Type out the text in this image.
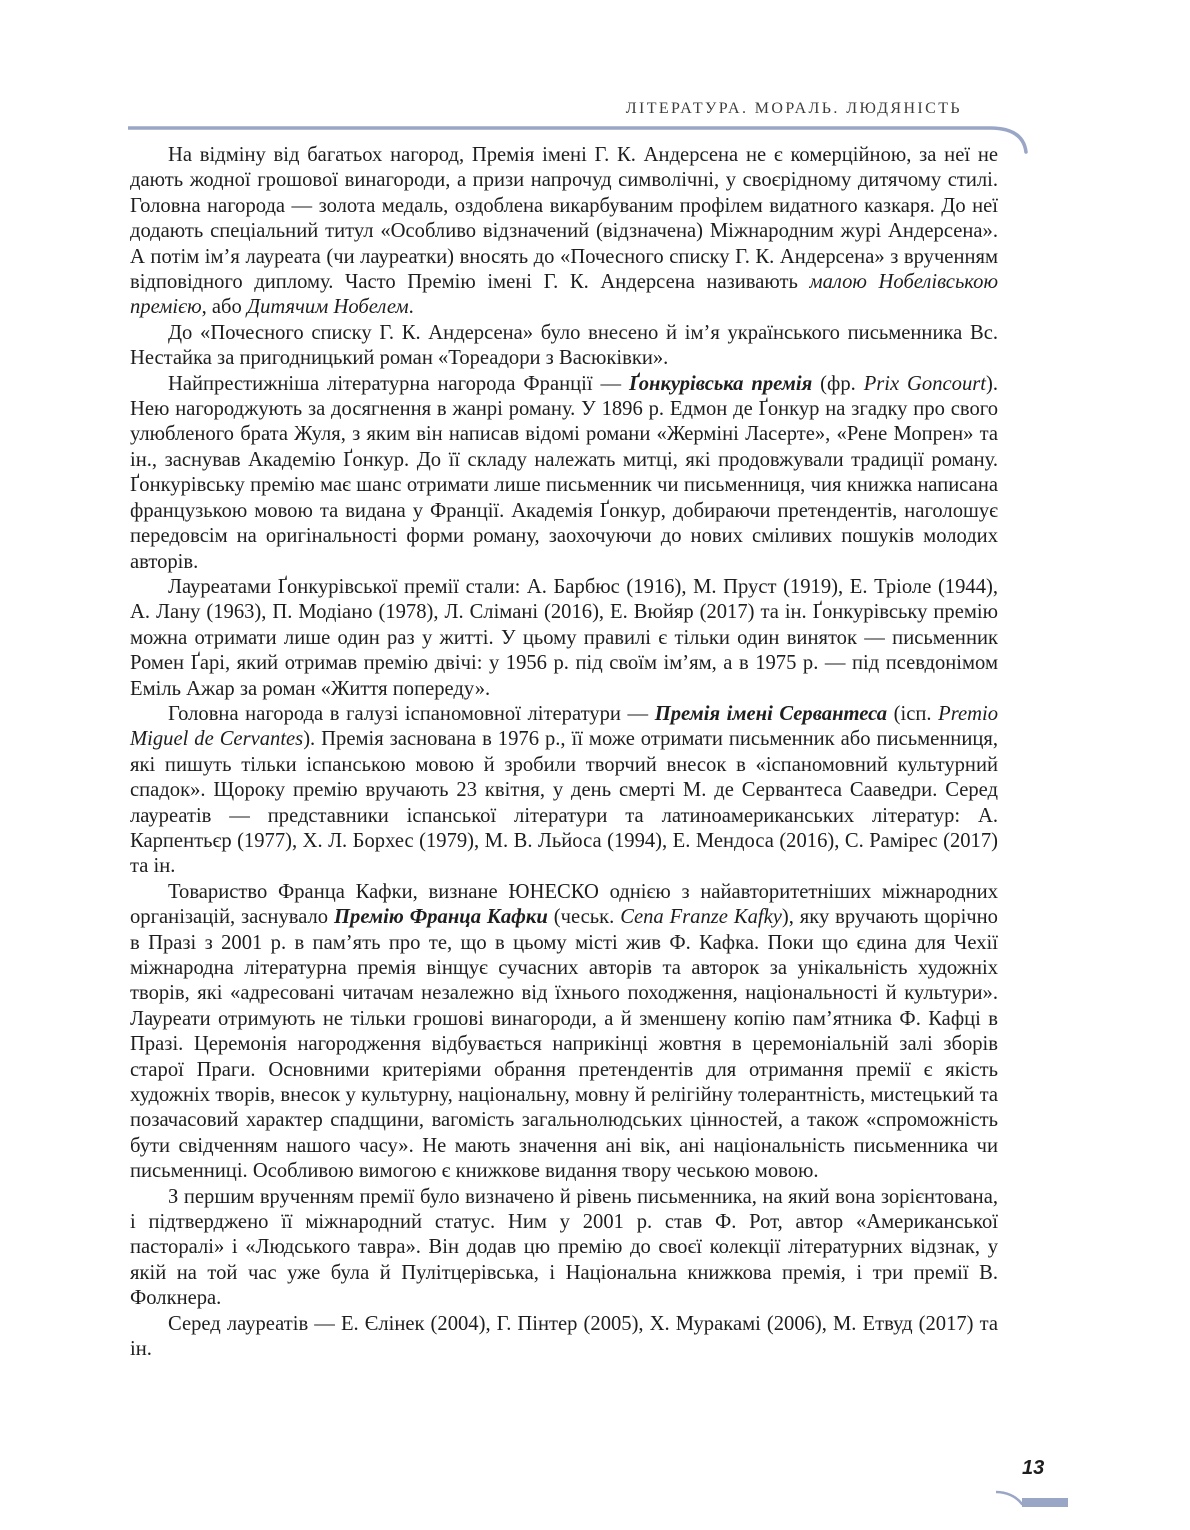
ЛІТЕРАТУРА. МОРАЛЬ. ЛЮДЯНІСТЬ

На відміну від багатьох нагород, Премія імені Г. К. Андерсена не є комерційною, за неї не дають жодної грошової винагороди, а призи напрочуд символічні, у своєрідному дитячому стилі. Головна нагорода — золота медаль, оздоблена викарбуваним профілем видатного казкаря. До неї додають спеціальний титул «Особливо відзначений (відзначена) Міжнародним журі Андерсена». А потім ім’я лауреата (чи лауреатки) вносять до «Почесного списку Г. К. Андерсена» з врученням відповідного диплому. Часто Премію імені Г. К. Андерсена називають малою Нобелівською премією, або Дитячим Нобелем.

До «Почесного списку Г. К. Андерсена» було внесено й ім’я українського письменника Вс. Нестайка за пригодницький роман «Тореадори з Васюківки».

Найпрестижніша літературна нагорода Франції — Ґонкурівська премія (фр. Prix Goncourt). Нею нагороджують за досягнення в жанрі роману. У 1896 р. Едмон де Ґонкур на згадку про свого улюбленого брата Жуля, з яким він написав відомі романи «Жерміні Ласерте», «Рене Мопрен» та ін., заснував Академію Ґонкур. До її складу належать митці, які продовжували традиції роману. Ґонкурівську премію має шанс отримати лише письменник чи письменниця, чия книжка написана французькою мовою та видана у Франції. Академія Ґонкур, добираючи претендентів, наголошує передовсім на оригінальності форми роману, заохочуючи до нових сміливих пошуків молодих авторів.

Лауреатами Ґонкурівської премії стали: А. Барбюс (1916), М. Пруст (1919), Е. Тріоле (1944), А. Лану (1963), П. Модіано (1978), Л. Слімані (2016), Е. Вюйяр (2017) та ін. Ґонкурівську премію можна отримати лише один раз у житті. У цьому правилі є тільки один виняток — письменник Ромен Ґарі, який отримав премію двічі: у 1956 р. під своїм ім’ям, а в 1975 р. — під псевдонімом Еміль Ажар за роман «Життя попереду».

Головна нагорода в галузі іспаномовної літератури — Премія імені Сервантеса (ісп. Premio Miguel de Cervantes). Премія заснована в 1976 р., її може отримати письменник або письменниця, які пишуть тільки іспанською мовою й зробили творчий внесок в «іспаномовний культурний спадок». Щороку премію вручають 23 квітня, у день смерті М. де Сервантеса Сааведри. Серед лауреатів — представники іспанської літератури та латиноамериканських літератур: А. Карпентьєр (1977), Х. Л. Борхес (1979), М. В. Льйоса (1994), Е. Мендоса (2016), С. Рамірес (2017) та ін.

Товариство Франца Кафки, визнане ЮНЕСКО однією з найавторитетніших міжнародних організацій, заснувало Премію Франца Кафки (чеськ. Cena Franze Kafky), яку вручають щорічно в Празі з 2001 р. в пам’ять про те, що в цьому місті жив Ф. Кафка. Поки що єдина для Чехії міжнародна літературна премія вінщує сучасних авторів та авторок за унікальність художніх творів, які «адресовані читачам незалежно від їхнього походження, національності й культури». Лауреати отримують не тільки грошові винагороди, а й зменшену копію пам’ятника Ф. Кафці в Празі. Церемонія нагородження відбувається наприкінці жовтня в церемоніальній залі зборів старої Праги. Основними критеріями обрання претендентів для отримання премії є якість художніх творів, внесок у культурну, національну, мовну й релігійну толерантність, мистецький та позачасовий характер спадщини, вагомість загальнолюдських цінностей, а також «спроможність бути свідченням нашого часу». Не мають значення ані вік, ані національність письменника чи письменниці. Особливою вимогою є книжкове видання твору чеською мовою.

З першим врученням премії було визначено й рівень письменника, на який вона зорієнтована, і підтверджено її міжнародний статус. Ним у 2001 р. став Ф. Рот, автор «Американської пасторалі» і «Людського тавра». Він додав цю премію до своєї колекції літературних відзнак, у якій на той час уже була й Пулітцерівська, і Національна книжкова премія, і три премії В. Фолкнера.

Серед лауреатів — Е. Єлінек (2004), Г. Пінтер (2005), Х. Муракамі (2006), М. Етвуд (2017) та ін.

13
